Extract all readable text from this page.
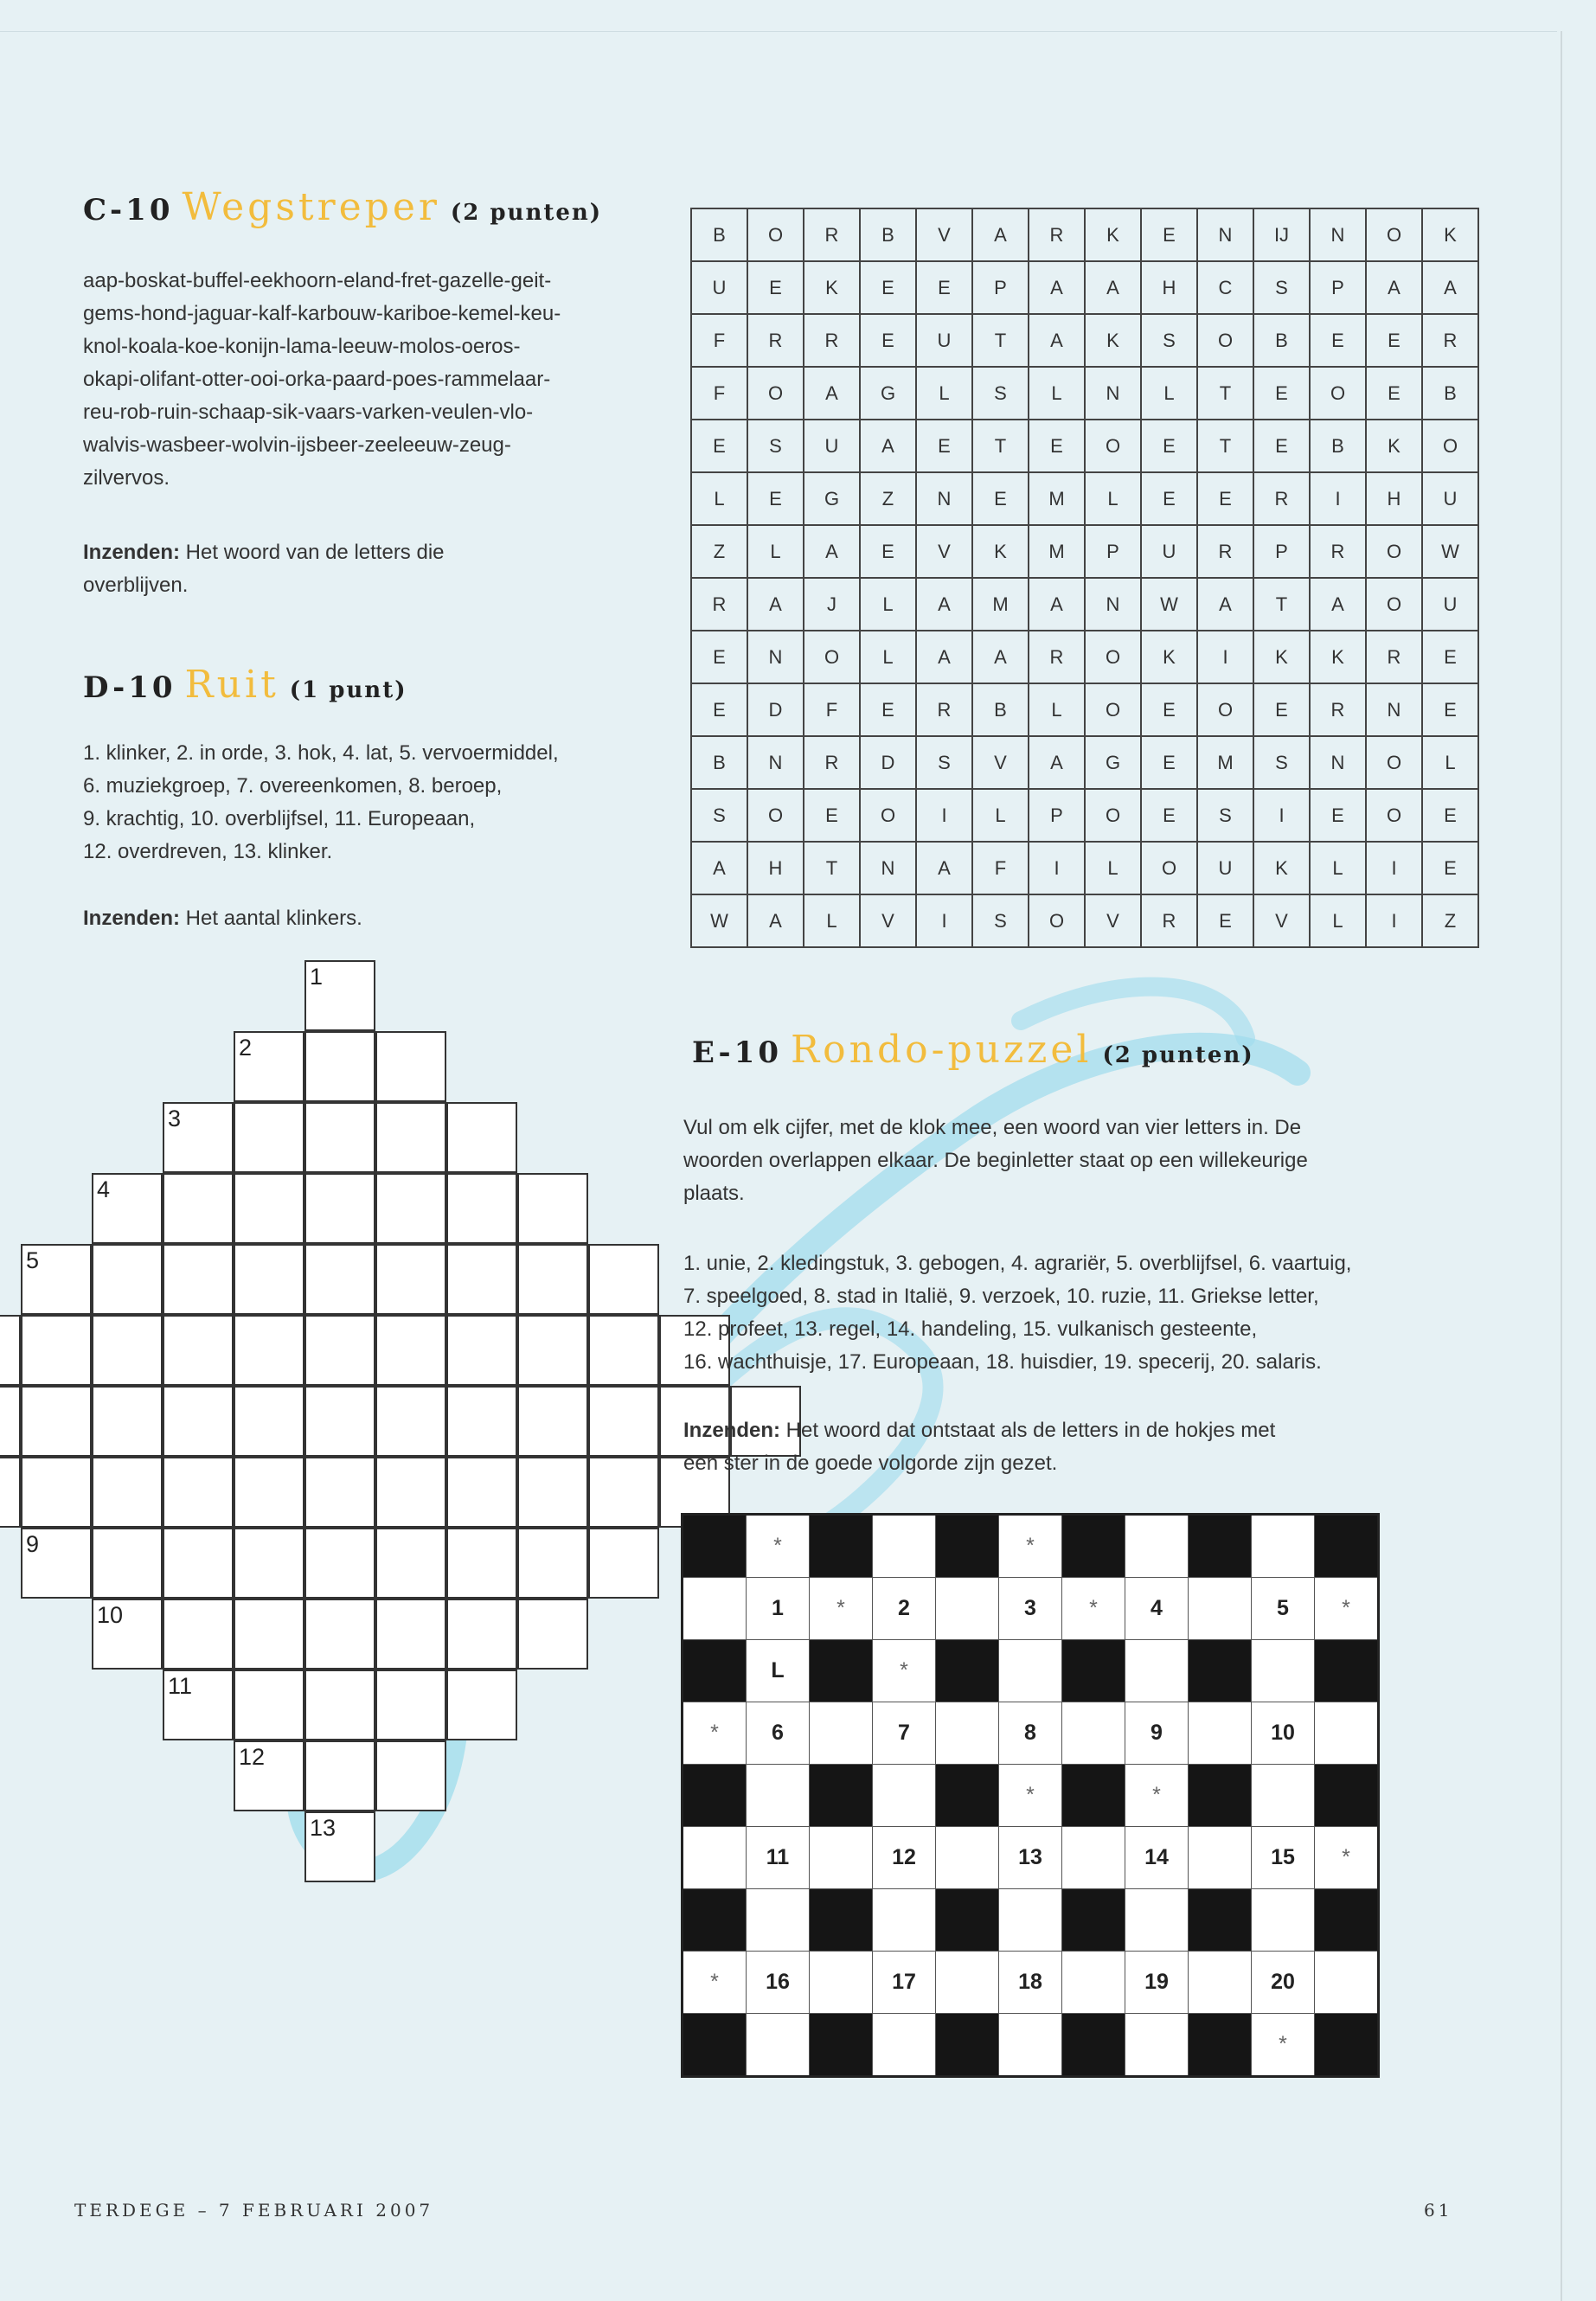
C-10 Wegstreper (2 punten)
aap-boskat-buffel-eekhoorn-eland-fret-gazelle-geit-
gems-hond-jaguar-kalf-karbouw-kariboe-kemel-keu-
knol-koala-koe-konijn-lama-leeuw-molos-oeros-
okapi-olifant-otter-ooi-orka-paard-poes-rammelaar-
reu-rob-ruin-schaap-sik-vaars-varken-veulen-vlo-
walvis-wasbeer-wolvin-ijsbeer-zeeleeuw-zeug-
zilvervos.
Inzenden: Het woord van de letters die
overblijven.
D-10 Ruit (1 punt)
1. klinker, 2. in orde, 3. hok, 4. lat, 5. vervoermiddel,
6. muziekgroep, 7. overeenkomen, 8. beroep,
9. krachtig, 10. overblijfsel, 11. Europeaan,
12. overdreven, 13. klinker.
Inzenden: Het aantal klinkers.
1
2
3
4
5
9
10
11
12
13
B	O	R	B	V	A	R	K	E	N	IJ	N	O	K
U	E	K	E	E	P	A	A	H	C	S	P	A	A
F	R	R	E	U	T	A	K	S	O	B	E	E	R
F	O	A	G	L	S	L	N	L	T	E	O	E	B
E	S	U	A	E	T	E	O	E	T	E	B	K	O
L	E	G	Z	N	E	M	L	E	E	R	I	H	U
Z	L	A	E	V	K	M	P	U	R	P	R	O	W
R	A	J	L	A	M	A	N	W	A	T	A	O	U
E	N	O	L	A	A	R	O	K	I	K	K	R	E
E	D	F	E	R	B	L	O	E	O	E	R	N	E
B	N	R	D	S	V	A	G	E	M	S	N	O	L
S	O	E	O	I	L	P	O	E	S	I	E	O	E
A	H	T	N	A	F	I	L	O	U	K	L	I	E
W	A	L	V	I	S	O	V	R	E	V	L	I	Z
E-10 Rondo-puzzel (2 punten)
Vul om elk cijfer, met de klok mee, een woord van vier letters in. De
woorden overlappen elkaar. De beginletter staat op een willekeurige
plaats.
1. unie, 2. kledingstuk, 3. gebogen, 4. agrariër, 5. overblijfsel, 6. vaartuig,
7. speelgoed, 8. stad in Italië, 9. verzoek, 10. ruzie, 11. Griekse letter,
12. profeet, 13. regel, 14. handeling, 15. vulkanisch gesteente,
16. wachthuisje, 17. Europeaan, 18. huisdier, 19. specerij, 20. salaris.
Inzenden: Het woord dat ontstaat als de letters in de hokjes met
een ster in de goede volgorde zijn gezet.
	*				*					
	1	*	2		3	*	4		5	*
	L		*							
*	6		7		8		9		10	
					*		*			
	11		12		13		14		15	*

*	16		17		18		19		20	
									*	

TERDEGE – 7 FEBRUARI 2007	61
